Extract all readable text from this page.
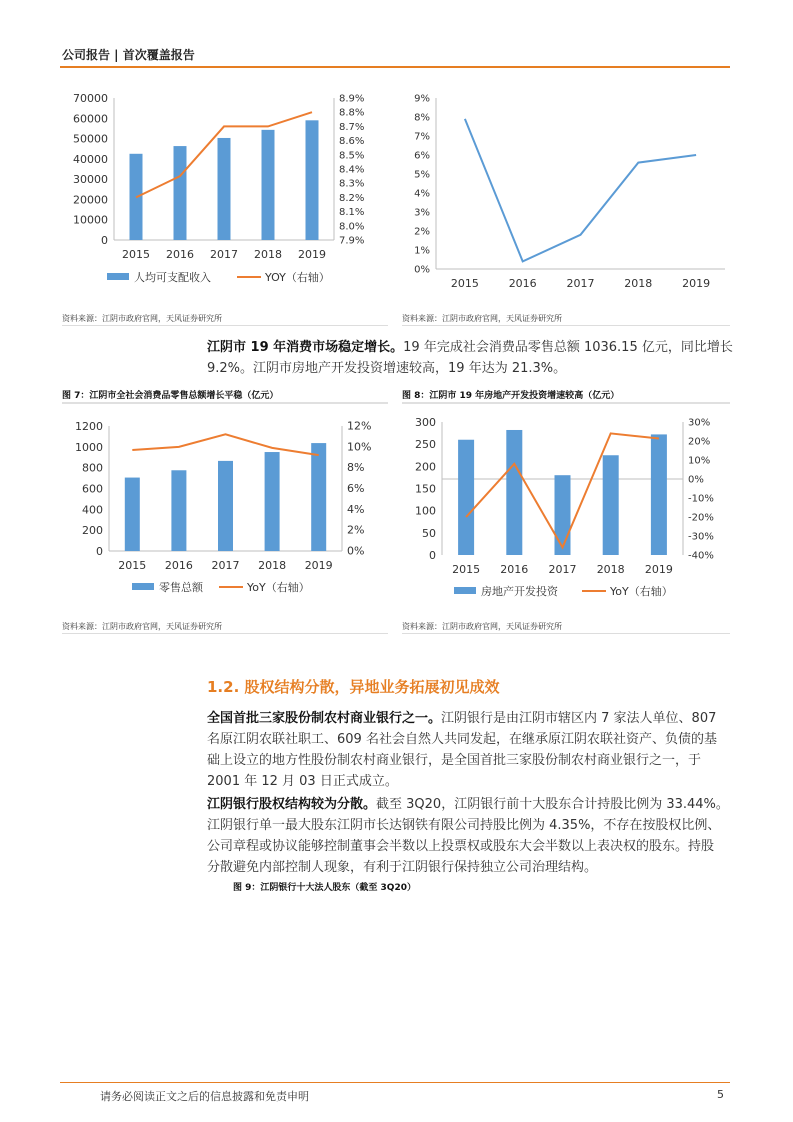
公司报告 | 首次覆盖报告
0
10000
20000
30000
40000
50000
60000
70000
7.9%
8.0%
8.1%
8.2%
8.3%
8.4%
8.5%
8.6%
8.7%
8.8%
8.9%
2015 2016 2017 2018 2019
人均可支配收入	YOY（右轴）
0%
1%
2%
3%
4%
5%
6%
7%
8%
9%
2015	2016	2017	2018	2019
资料来源：江阴市政府官网，天风证券研究所	资料来源：江阴市政府官网，天风证券研究所
江阴市 19 年消费市场稳定增长。19 年完成社会消费品零售总额 1036.15 亿元，同比增长
9.2%。江阴市房地产开发投资增速较高，19 年达为 21.3%。
图 7：江阴市全社会消费品零售总额增长平稳（亿元）	图 8：江阴市 19 年房地产开发投资增速较高（亿元）
0
200
400
600
800
1000
1200
0%
2%
4%
6%
8%
10%
12%
2015 2016 2017 2018 2019
零售总额	YoY（右轴）
0
50
100
150
200
250
300
-40%
-30%
-20%
-10%
0%
10%
20%
30%
2015 2016 2017 2018 2019
房地产开发投资	YoY（右轴）
资料来源：江阴市政府官网，天风证券研究所	资料来源：江阴市政府官网，天风证券研究所
1.2. 股权结构分散，异地业务拓展初见成效
全国首批三家股份制农村商业银行之一。江阴银行是由江阴市辖区内 7 家法人单位、807
名原江阴农联社职工、609 名社会自然人共同发起，在继承原江阴农联社资产、负债的基
础上设立的地方性股份制农村商业银行，是全国首批三家股份制农村商业银行之一，于
2001 年 12 月 03 日正式成立。
江阴银行股权结构较为分散。截至 3Q20，江阴银行前十大股东合计持股比例为 33.44%。
江阴银行单一最大股东江阴市长达钢铁有限公司持股比例为 4.35%，不存在按股权比例、
公司章程或协议能够控制董事会半数以上投票权或股东大会半数以上表决权的股东。持股
分散避免内部控制人现象，有利于江阴银行保持独立公司治理结构。
图 9：江阴银行十大法人股东（截至 3Q20）
请务必阅读正文之后的信息披露和免责申明	5
